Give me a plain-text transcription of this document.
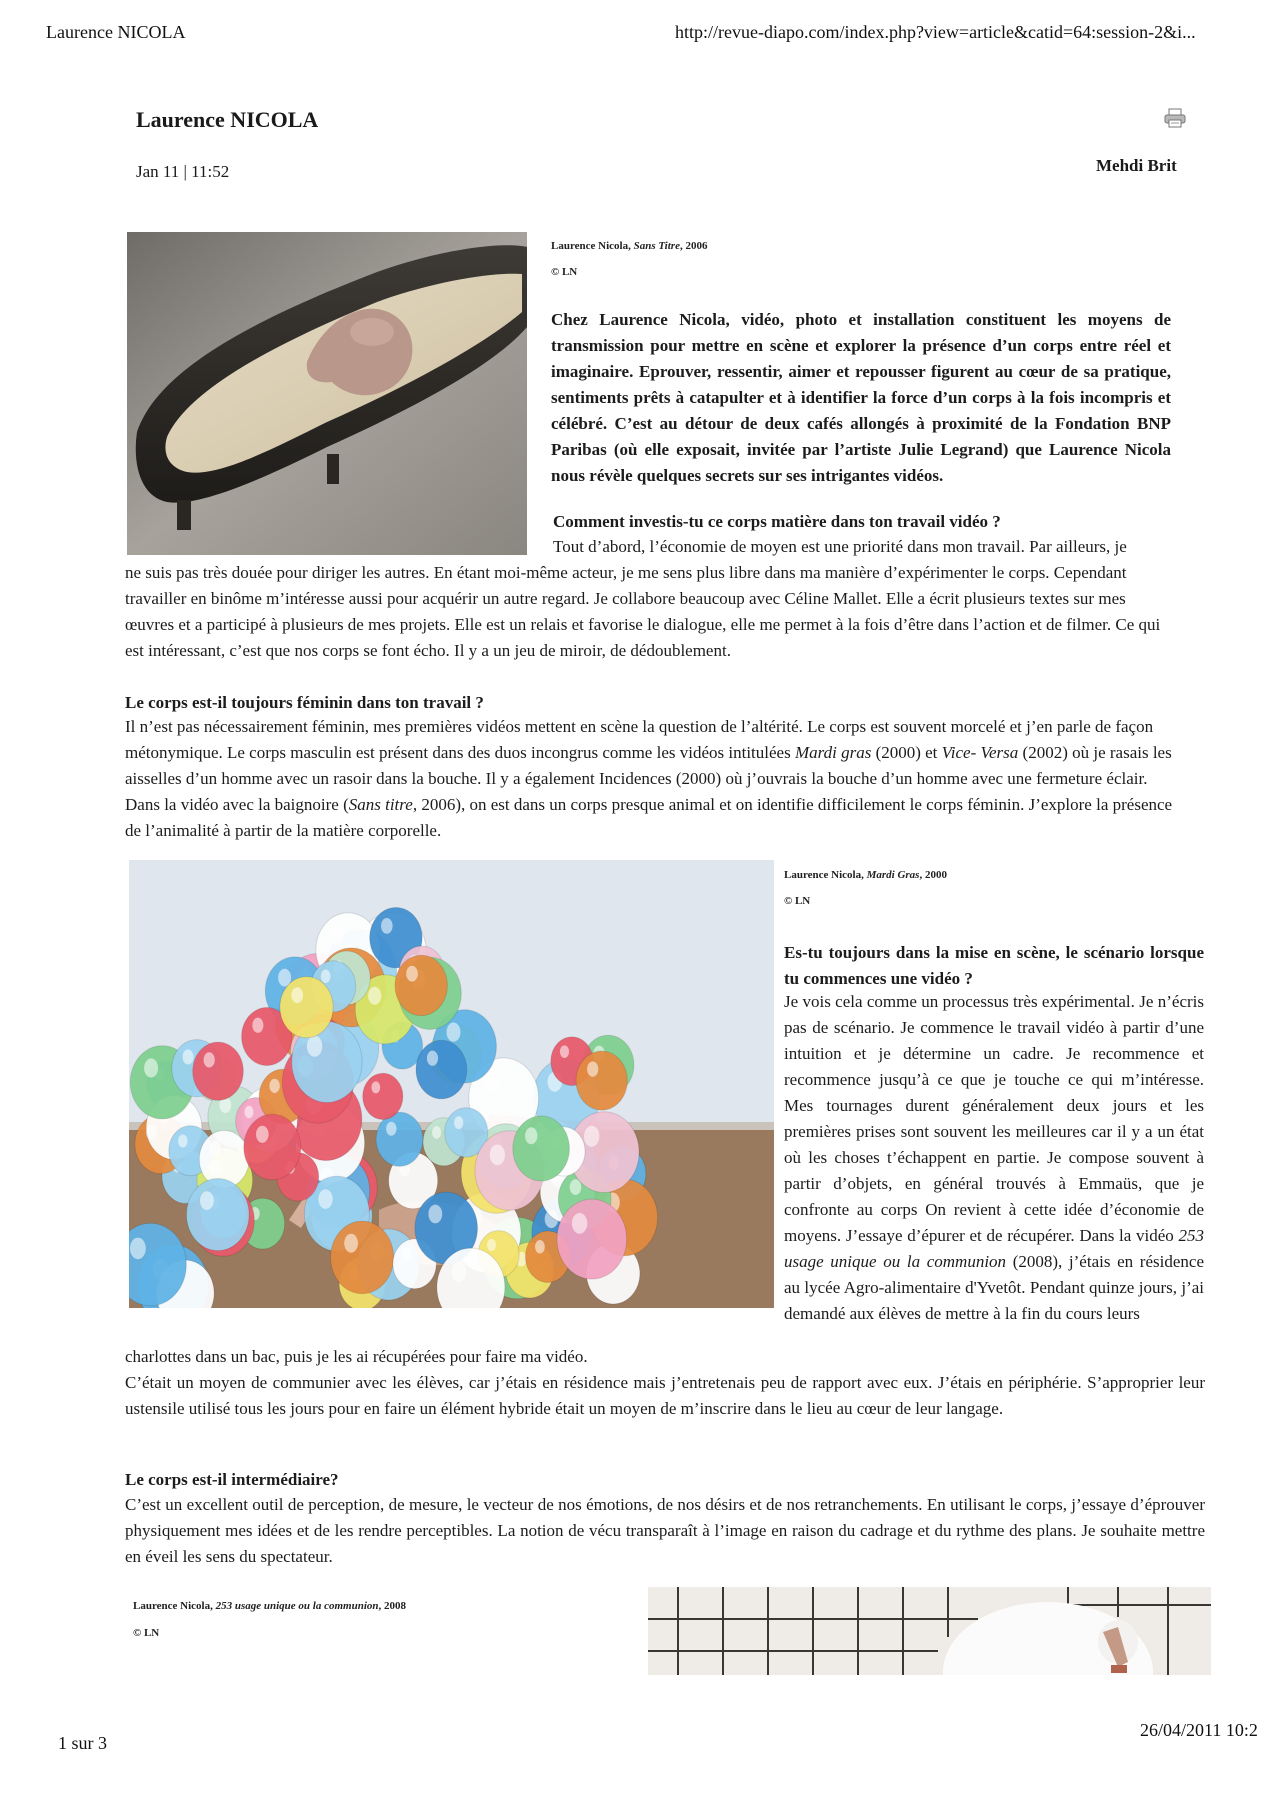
Laurence NICOLA	http://revue-diapo.com/index.php?view=article&catid=64:session-2&i...
1 sur 3
26/04/2011 10:2
Laurence NICOLA
Jan 11 | 11:52	Mehdi Brit
Laurence Nicola, Sans Titre, 2006
© LN

Chez Laurence Nicola, vidéo, photo et installation constituent les moyens de transmission pour mettre en scène et explorer la présence d’un corps entre réel et imaginaire. Eprouver, ressentir, aimer et repousser figurent au cœur de sa pratique, sentiments prêts à catapulter et à identifier la force d’un corps à la fois incompris et célébré. C’est au détour de deux cafés allongés à proximité de la Fondation BNP Paribas (où elle exposait, invitée par l’artiste Julie Legrand) que Laurence Nicola nous révèle quelques secrets sur ses intrigantes vidéos.

Comment investis-tu ce corps matière dans ton travail vidéo ?

Tout d’abord, l’économie de moyen est une priorité dans mon travail. Par ailleurs, je

ne suis pas très douée pour diriger les autres. En étant moi-même acteur, je me sens plus libre dans ma manière d’expérimenter le corps. Cependant travailler en binôme m’intéresse aussi pour acquérir un autre regard. Je collabore beaucoup avec Céline Mallet. Elle a écrit plusieurs textes sur mes œuvres et a participé à plusieurs de mes projets. Elle est un relais et favorise le dialogue, elle me permet à la fois d’être dans l’action et de filmer. Ce qui est intéressant, c’est que nos corps se font écho. Il y a un jeu de miroir, de dédoublement.

Le corps est-il toujours féminin dans ton travail ?

Il n’est pas nécessairement féminin, mes premières vidéos mettent en scène la question de l’altérité. Le corps est souvent morcelé et j’en parle de façon métonymique. Le corps masculin est présent dans des duos incongrus comme les vidéos intitulées Mardi gras (2000) et Vice- Versa (2002) où je rasais les aisselles d’un homme avec un rasoir dans la bouche. Il y a également Incidences (2000) où j’ouvrais la bouche d’un homme avec une fermeture éclair. Dans la vidéo avec la baignoire (Sans titre, 2006), on est dans un corps presque animal et on identifie difficilement le corps féminin. J’explore la présence de l’animalité à partir de la matière corporelle.

Laurence Nicola, Mardi Gras, 2000
© LN

Es-tu toujours dans la mise en scène, le scénario lorsque tu commences une vidéo ?

Je vois cela comme un processus très expérimental. Je n’écris pas de scénario. Je commence le travail vidéo à partir d’une intuition et je détermine un cadre. Je recommence et recommence jusqu’à ce que je touche ce qui m’intéresse. Mes tournages durent généralement deux jours et les premières prises sont souvent les meilleures car il y a un état où les choses t’échappent en partie. Je compose souvent à partir d’objets, en général trouvés à Emmaüs, que je confronte au corps On revient à cette idée d’économie de moyens. J’essaye d’épurer et de récupérer. Dans la vidéo 253 usage unique ou la communion (2008), j’étais en résidence au lycée Agro-alimentaire d'Yvetôt. Pendant quinze jours, j’ai demandé aux élèves de mettre à la fin du cours leurs

charlottes dans un bac, puis je les ai récupérées pour faire ma vidéo.

C’était un moyen de communier avec les élèves, car j’étais en résidence mais j’entretenais peu de rapport avec eux. J’étais en périphérie. S’approprier leur ustensile utilisé tous les jours pour en faire un élément hybride était un moyen de m’inscrire dans le lieu au cœur de leur langage.

Le corps est-il intermédiaire?

C’est un excellent outil de perception, de mesure, le vecteur de nos émotions, de nos désirs et de nos retranchements. En utilisant le corps, j’essaye d’éprouver physiquement mes idées et de les rendre perceptibles. La notion de vécu transparaît à l’image en raison du cadrage et du rythme des plans. Je souhaite mettre en éveil les sens du spectateur.

Laurence Nicola, 253 usage unique ou la communion, 2008
© LN
